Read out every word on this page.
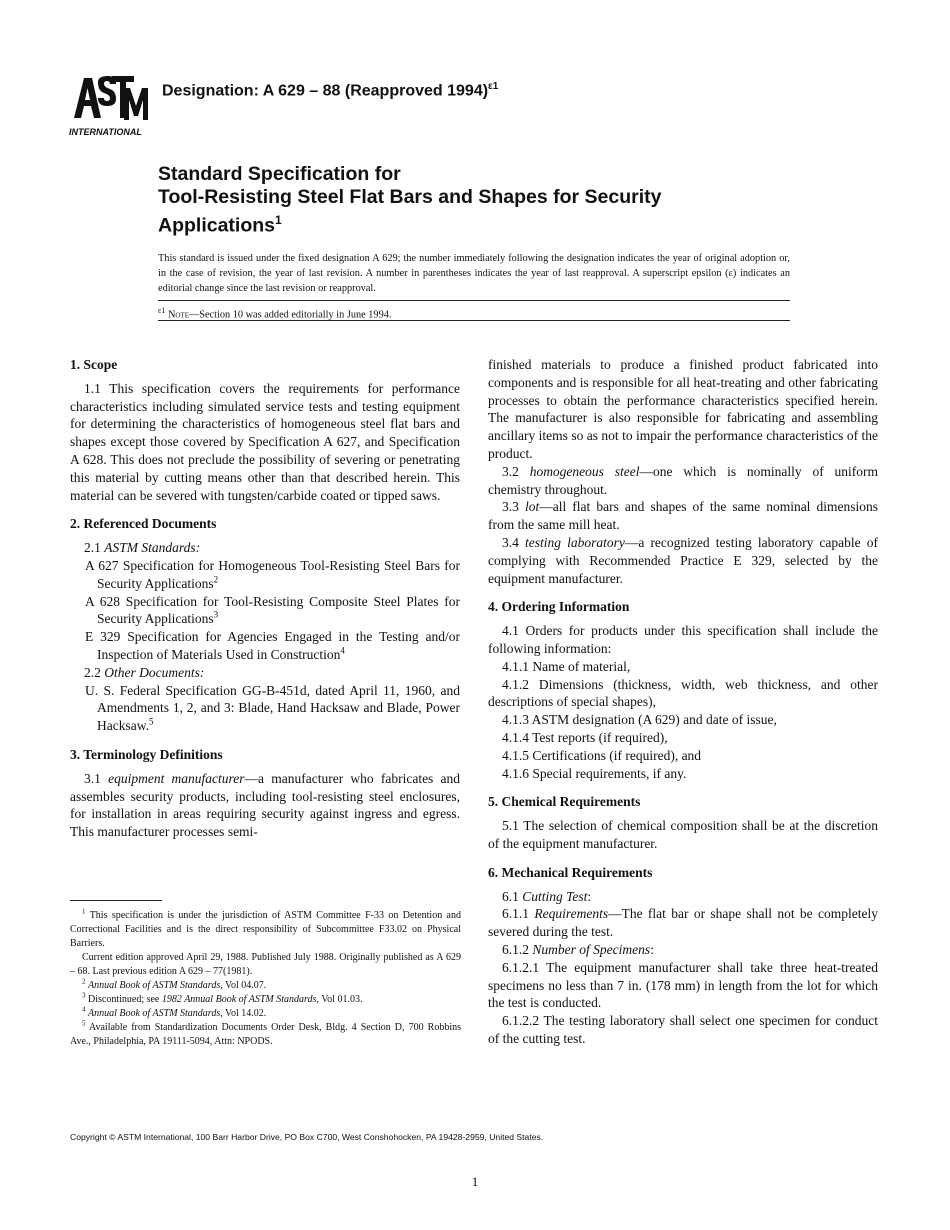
INTERNATIONAL
Designation: A 629 – 88 (Reapproved 1994)$^{\varepsilon 1}$
Standard Specification for
Tool-Resisting Steel Flat Bars and Shapes for Security
Applications$^1$
This standard is issued under the fixed designation A 629; the number immediately following the designation indicates the year of original adoption or, in the case of revision, the year of last revision. A number in parentheses indicates the year of last reapproval. A superscript epsilon (ε) indicates an editorial change since the last revision or reapproval.
$^{\varepsilon 1}$ Note—Section 10 was added editorially in June 1994.

1. Scope

1.1 This specification covers the requirements for performance characteristics including simulated service tests and testing equipment for determining the characteristics of homogeneous steel flat bars and shapes except those covered by Specification A 627, and Specification A 628. This does not preclude the possibility of severing or penetrating this material by cutting means other than that described herein. This material can be severed with tungsten/carbide coated or tipped saws.

2. Referenced Documents

2.1 ASTM Standards:

A 627 Specification for Homogeneous Tool-Resisting Steel Bars for Security Applications$^2$

A 628 Specification for Tool-Resisting Composite Steel Plates for Security Applications$^3$

E 329 Specification for Agencies Engaged in the Testing and/or Inspection of Materials Used in Construction$^4$

2.2 Other Documents:

U. S. Federal Specification GG-B-451d, dated April 11, 1960, and Amendments 1, 2, and 3: Blade, Hand Hacksaw and Blade, Power Hacksaw.$^5$

3. Terminology Definitions

3.1 equipment manufacturer—a manufacturer who fabricates and assembles security products, including tool-resisting steel enclosures, for installation in areas requiring security against ingress and egress. This manufacturer processes semi-

$^1$ This specification is under the jurisdiction of ASTM Committee F-33 on Detention and Correctional Facilities and is the direct responsibility of Subcommittee F33.02 on Physical Barriers.

Current edition approved April 29, 1988. Published July 1988. Originally published as A 629 – 68. Last previous edition A 629 – 77(1981).

$^2$ Annual Book of ASTM Standards, Vol 04.07.

$^3$ Discontinued; see 1982 Annual Book of ASTM Standards, Vol 01.03.

$^4$ Annual Book of ASTM Standards, Vol 14.02.

$^5$ Available from Standardization Documents Order Desk, Bldg. 4 Section D, 700 Robbins Ave., Philadelphia, PA 19111-5094, Attn: NPODS.

finished materials to produce a finished product fabricated into components and is responsible for all heat-treating and other fabricating processes to obtain the performance characteristics specified herein. The manufacturer is also responsible for fabricating and assembling ancillary items so as not to impair the performance characteristics of the product.

3.2 homogeneous steel—one which is nominally of uniform chemistry throughout.

3.3 lot—all flat bars and shapes of the same nominal dimensions from the same mill heat.

3.4 testing laboratory—a recognized testing laboratory capable of complying with Recommended Practice E 329, selected by the equipment manufacturer.

4. Ordering Information

4.1 Orders for products under this specification shall include the following information:

4.1.1 Name of material,

4.1.2 Dimensions (thickness, width, web thickness, and other descriptions of special shapes),

4.1.3 ASTM designation (A 629) and date of issue,

4.1.4 Test reports (if required),

4.1.5 Certifications (if required), and

4.1.6 Special requirements, if any.

5. Chemical Requirements

5.1 The selection of chemical composition shall be at the discretion of the equipment manufacturer.

6. Mechanical Requirements

6.1 Cutting Test:

6.1.1 Requirements—The flat bar or shape shall not be completely severed during the test.

6.1.2 Number of Specimens:

6.1.2.1 The equipment manufacturer shall take three heat-treated specimens no less than 7 in. (178 mm) in length from the lot for which the test is conducted.

6.1.2.2 The testing laboratory shall select one specimen for conduct of the cutting test.

Copyright © ASTM International, 100 Barr Harbor Drive, PO Box C700, West Conshohocken, PA 19428-2959, United States.
1
